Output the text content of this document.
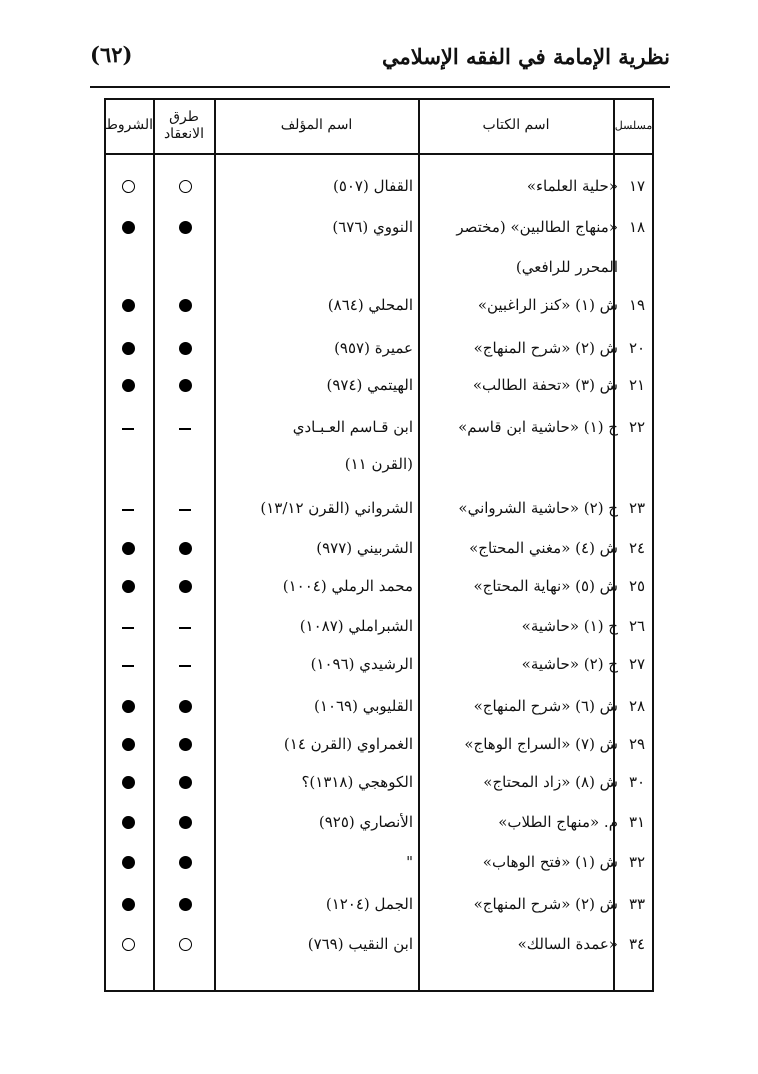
نظرية الإمامة في الفقه الإسلامي
(٦٢)
مسلسل
اسم الكتاب
اسم المؤلف
طرق الانعقاد
الشروط
١٧
«حلية العلماء»
القفال (٥٠٧)
١٨
«منهاج الطالبين» (مختصر
المحرر للرافعي)
النووي (٦٧٦)
١٩
ش (١) «كنز الراغبين»
المحلي (٨٦٤)
٢٠
ش (٢) «شرح المنهاج»
عميرة (٩٥٧)
٢١
ش (٣) «تحفة الطالب»
الهيتمي (٩٧٤)
٢٢
ح (١) «حاشية ابن قاسم»
ابن قـاسم العـبـادي
(القرن ١١)
٢٣
ح (٢) «حاشية الشرواني»
الشرواني (القرن ١٣/١٢)
٢٤
ش (٤) «مغني المحتاج»
الشربيني (٩٧٧)
٢٥
ش (٥) «نهاية المحتاج»
محمد الرملي (١٠٠٤)
٢٦
ح (١) «حاشية»
الشبراملي (١٠٨٧)
٢٧
ح (٢) «حاشية»
الرشيدي (١٠٩٦)
٢٨
ش (٦) «شرح المنهاج»
القليوبي (١٠٦٩)
٢٩
ش (٧) «السراج الوهاج»
الغمراوي (القرن ١٤)
٣٠
ش (٨) «زاد المحتاج»
الكوهجي (١٣١٨)؟
٣١
م. «منهاج الطلاب»
الأنصاري (٩٢٥)
٣٢
ش (١) «فتح الوهاب»
"
٣٣
ش (٢) «شرح المنهاج»
الجمل (١٢٠٤)
٣٤
«عمدة السالك»
ابن النقيب (٧٦٩)
